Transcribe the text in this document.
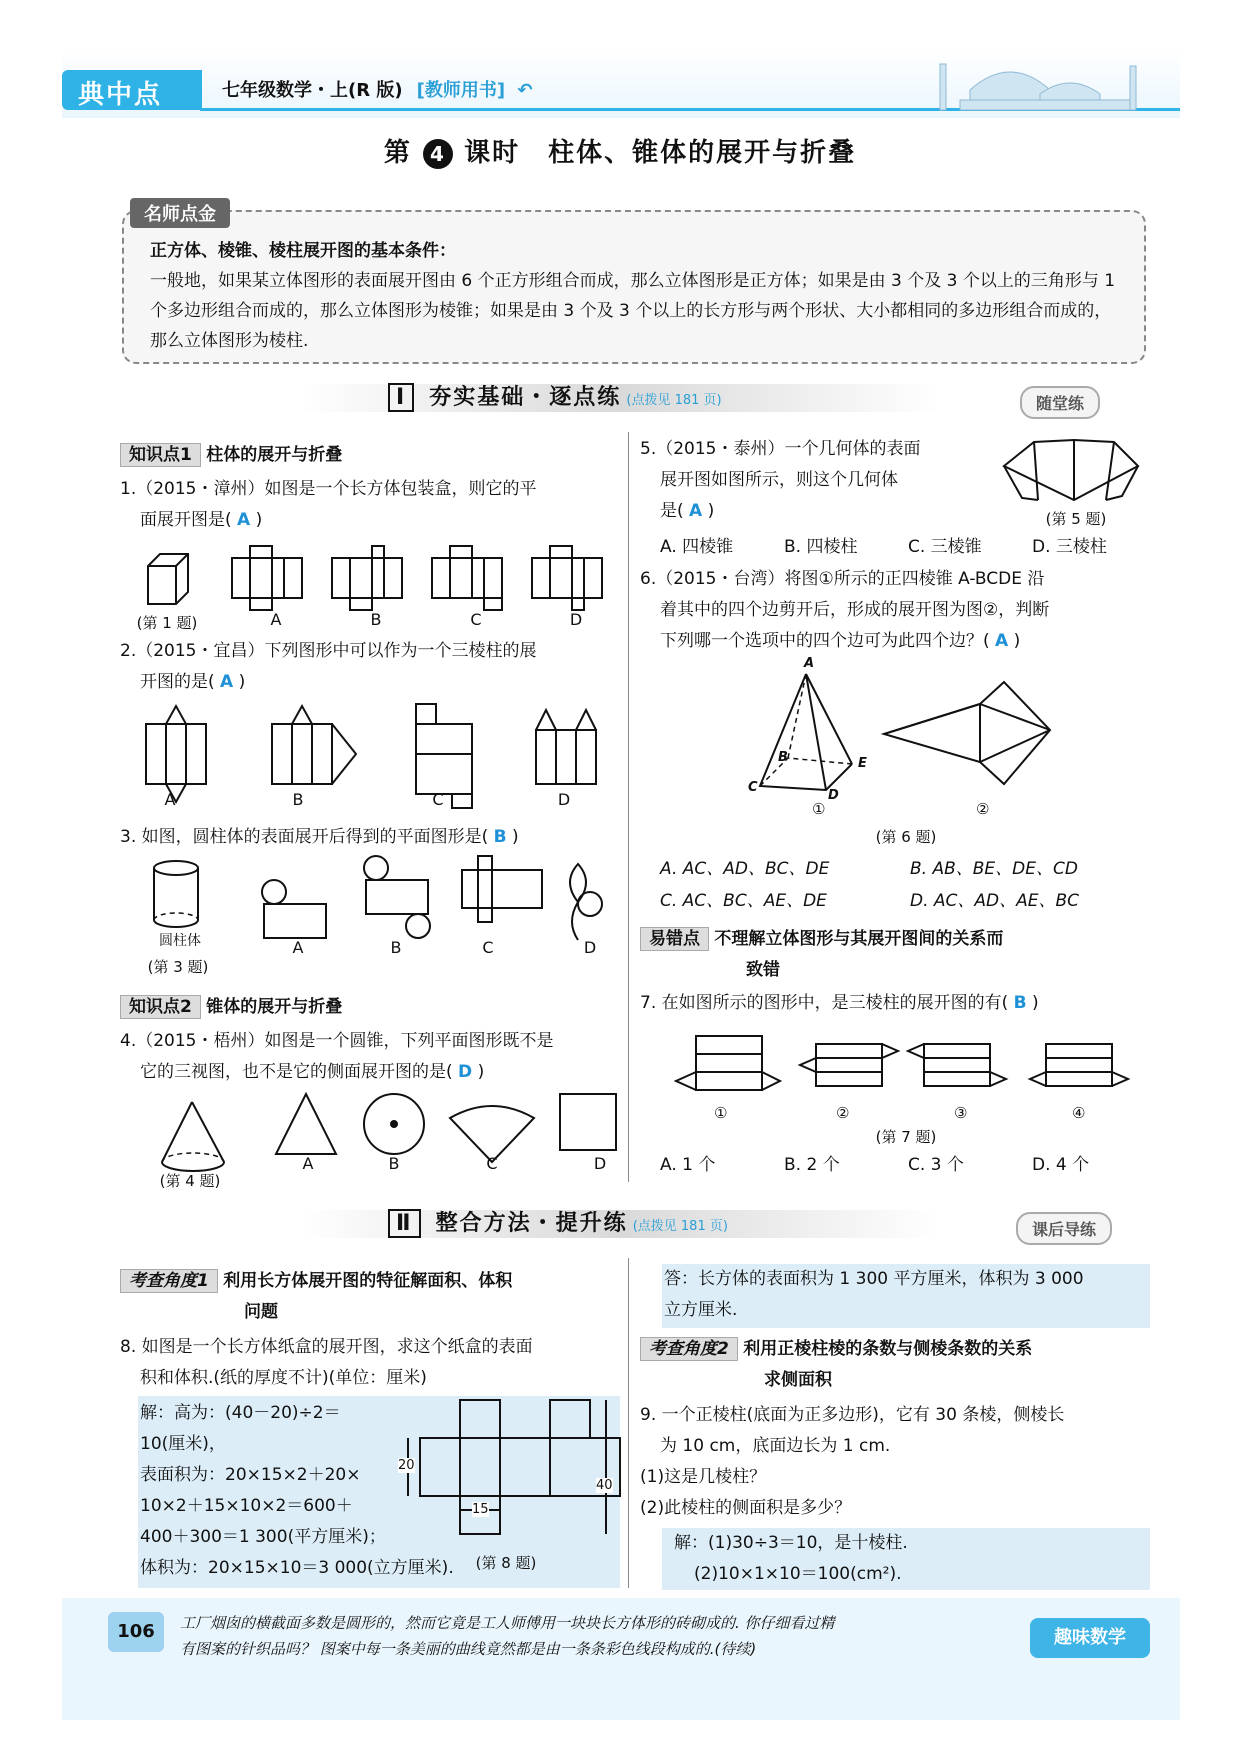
典中点	七年级数学・上(R 版) [教师用书] ↶
第 4 课时　柱体、锥体的展开与折叠
名师点金
正方体、棱锥、棱柱展开图的基本条件：
一般地，如果某立体图形的表面展开图由 6 个正方形组合而成，那么立体图形是正方体；如果是由 3 个及 3 个以上的三角形与 1 个多边形组合而成的，那么立体图形为棱锥；如果是由 3 个及 3 个以上的长方形与两个形状、大小都相同的多边形组合而成的，那么立体图形为棱柱.
Ⅰ 夯实基础・逐点练 (点拨见 181 页)	随堂练
知识点1 柱体的展开与折叠
1.（2015・漳州）如图是一个长方体包装盒，则它的平
面展开图是( A )
(第 1 题)	A	B	C	D
2.（2015・宜昌）下列图形中可以作为一个三棱柱的展
开图的是( A )
A	B	C	D
3. 如图，圆柱体的表面展开后得到的平面图形是( B )
圆柱体
(第 3 题)
A	B	C	D
知识点2 锥体的展开与折叠
4.（2015・梧州）如图是一个圆锥，下列平面图形既不是
它的三视图，也不是它的侧面展开图的是( D )
(第 4 题)
A	B	C	D
5.（2015・泰州）一个几何体的表面
展开图如图所示，则这个几何体
是( A )	(第 5 题)
A. 四棱锥	B. 四棱柱	C. 三棱锥	D. 三棱柱
6.（2015・台湾）将图①所示的正四棱锥 A-BCDE 沿
着其中的四个边剪开后，形成的展开图为图②，判断
下列哪一个选项中的四个边可为此四个边？( A )
A
B
C
D
E
①	②
(第 6 题)
A. AC、AD、BC、DE	B. AB、BE、DE、CD
C. AC、BC、AE、DE	D. AC、AD、AE、BC
易错点 不理解立体图形与其展开图间的关系而
致错
7. 在如图所示的图形中，是三棱柱的展开图的有( B )
①	②	③	④
(第 7 题)
A. 1 个	B. 2 个	C. 3 个	D. 4 个
Ⅱ 整合方法・提升练 (点拨见 181 页)	课后导练
考查角度1 利用长方体展开图的特征解面积、体积
问题
8. 如图是一个长方体纸盒的展开图，求这个纸盒的表面
积和体积.(纸的厚度不计)(单位：厘米)
解：高为：(40－20)÷2＝
10(厘米)，
表面积为：20×15×2＋20×
10×2＋15×10×2＝600＋
400＋300＝1 300(平方厘米)；
体积为：20×15×10＝3 000(立方厘米).
20
40
15
(第 8 题)
答：长方体的表面积为 1 300 平方厘米，体积为 3 000
立方厘米.
考查角度2 利用正棱柱棱的条数与侧棱条数的关系
求侧面积
9. 一个正棱柱(底面为正多边形)，它有 30 条棱，侧棱长
为 10 cm，底面边长为 1 cm.
(1)这是几棱柱？
(2)此棱柱的侧面积是多少？
解：(1)30÷3＝10，是十棱柱.
(2)10×1×10＝100(cm²).
106	工厂烟囱的横截面多数是圆形的，然而它竟是工人师傅用一块块长方体形的砖砌成的. 你仔细看过精
有图案的针织品吗？ 图案中每一条美丽的曲线竟然都是由一条条彩色线段构成的.(待续)
趣味数学
